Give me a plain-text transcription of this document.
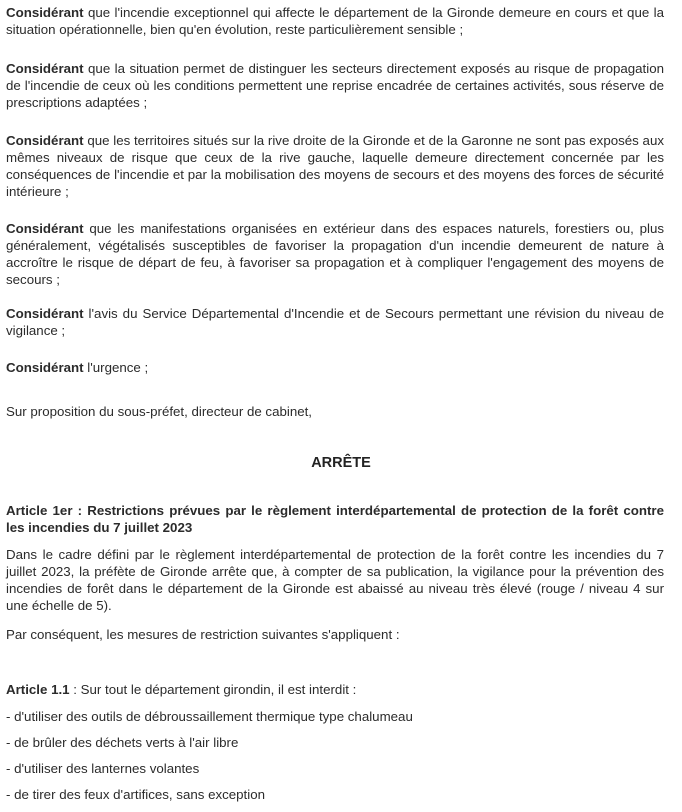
Considérant que l'incendie exceptionnel qui affecte le département de la Gironde demeure en cours et que la situation opérationnelle, bien qu'en évolution, reste particulièrement sensible ;

Considérant que la situation permet de distinguer les secteurs directement exposés au risque de propagation de l'incendie de ceux où les conditions permettent une reprise encadrée de certaines activités, sous réserve de prescriptions adaptées ;

Considérant que les territoires situés sur la rive droite de la Gironde et de la Garonne ne sont pas exposés aux mêmes niveaux de risque que ceux de la rive gauche, laquelle demeure directement concernée par les conséquences de l'incendie et par la mobilisation des moyens de secours et des moyens des forces de sécurité intérieure ;

Considérant que les manifestations organisées en extérieur dans des espaces naturels, forestiers ou, plus généralement, végétalisés susceptibles de favoriser la propagation d'un incendie demeurent de nature à accroître le risque de départ de feu, à favoriser sa propagation et à compliquer l'engagement des moyens de secours ;

Considérant l'avis du Service Départemental d'Incendie et de Secours permettant une révision du niveau de vigilance ;

Considérant l'urgence ;

Sur proposition du sous-préfet, directeur de cabinet,

ARRÊTE

Article 1er : Restrictions prévues par le règlement interdépartemental de protection de la forêt contre les incendies du 7 juillet 2023

Dans le cadre défini par le règlement interdépartemental de protection de la forêt contre les incendies du 7 juillet 2023, la préfète de Gironde arrête que, à compter de sa publication, la vigilance pour la prévention des incendies de forêt dans le département de la Gironde est abaissé au niveau très élevé (rouge / niveau 4 sur une échelle de 5).

Par conséquent, les mesures de restriction suivantes s'appliquent :

Article 1.1 : Sur tout le département girondin, il est interdit :

- d'utiliser des outils de débroussaillement thermique type chalumeau

- de brûler des déchets verts à l'air libre

- d'utiliser des lanternes volantes

- de tirer des feux d'artifices, sans exception
